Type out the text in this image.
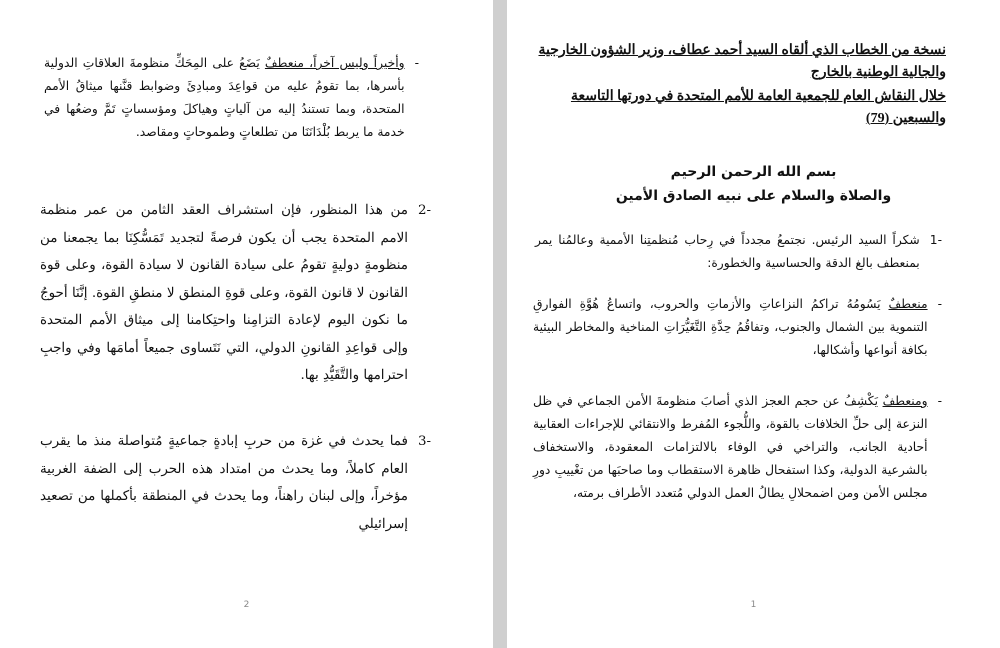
-
وأخيراً وليس آخراً، منعطفٌ يَضَعُ على المِحَكِّ منظومةَ العلاقاتِ الدولية بأسرها، بما تقومُ عليه من قواعِدَ ومبادِئَ وضوابط قنَّنها ميثاقُ الأمم المتحدة، وبما تستندُ إليه من آلياتٍ وهياكلَ ومؤسساتٍ تَمَّ وضعُها في خدمة ما يربط بُلْدَانَنَا من تطلعاتٍ وطموحاتٍ ومقاصد.
-2
من هذا المنظور، فإن استشراف العقد الثامن من عمر منظمة الامم المتحدة يجب أن يكون فرصةً لتجديد تَمَسُّكِنَا بما يجمعنا من منظومةٍ دوليةٍ تقومُ على سيادة القانون لا سيادة القوة، وعلى قوة القانون لا قانون القوة، وعلى قوةِ المنطق لا منطقِ القوة. إنَّنَا أحوجُ ما نكون اليوم لإعادة التزامِنا واحتِكامنا إلى ميثاق الأمم المتحدة وإلى قواعِدِ القانونِ الدولي، التي نَتَساوى جميعاً أمامَها وفي واجبِ احترامها والتَّقَيُّدِ بها.
-3
فما يحدث في غزة من حربِ إبادةٍ جماعيةٍ مُتواصلة منذ ما يقرب العام كاملاً، وما يحدث من امتداد هذه الحرب إلى الضفة الغربية مؤخراً، وإلى لبنان راهناً، وما يحدث في المنطقة بأكملها من تصعيد إسرائيلي
2
نسخة من الخطاب الذي ألقاه السيد أحمد عطاف، وزير الشؤون الخارجية والجالية الوطنية بالخارج
خلال النقاش العام للجمعية العامة للأمم المتحدة في دورتها التاسعة والسبعين (79)
بسم الله الرحمن الرحيم
والصلاة والسلام على نبيه الصادق الأمين
-1
شكراً السيد الرئيس. نجتمعُ مجدداً في رِحاب مُنظمتِنا الأممية وعالمُنا يمر بمنعطف بالغ الدقة والحساسية والخطورة:
-
منعطفٌ يَسُومُهُ تراكمُ النزاعاتِ والأزماتِ والحروب، واتساعُ هُوَّةِ الفوارقِ التنموية بين الشمال والجنوب، وتفاقُمُ حِدَّةِ التَّغَيُّرَاتِ المناخية والمخاطر البيئية بكافة أنواعها وأشكالها،
-
ومنعطفٌ يَكْشِفُ عن حجم العجز الذي أصابَ منظومةَ الأمن الجماعي في ظل النزعة إلى حلِّ الخلافات بالقوة، واللُّجوء المُفرط والانتقائي للإجراءات العقابية أحادية الجانب، والتراخي في الوفاء بالالتزامات المعقودة، والاستخفاف بالشرعية الدولية، وكذا استفحال ظاهرة الاستقطاب وما صاحبَها من تغْييبِ دورِ مجلس الأمن ومن اضمحلالِ يطالُ العمل الدولي مُتعدد الأطراف برمته،
1
